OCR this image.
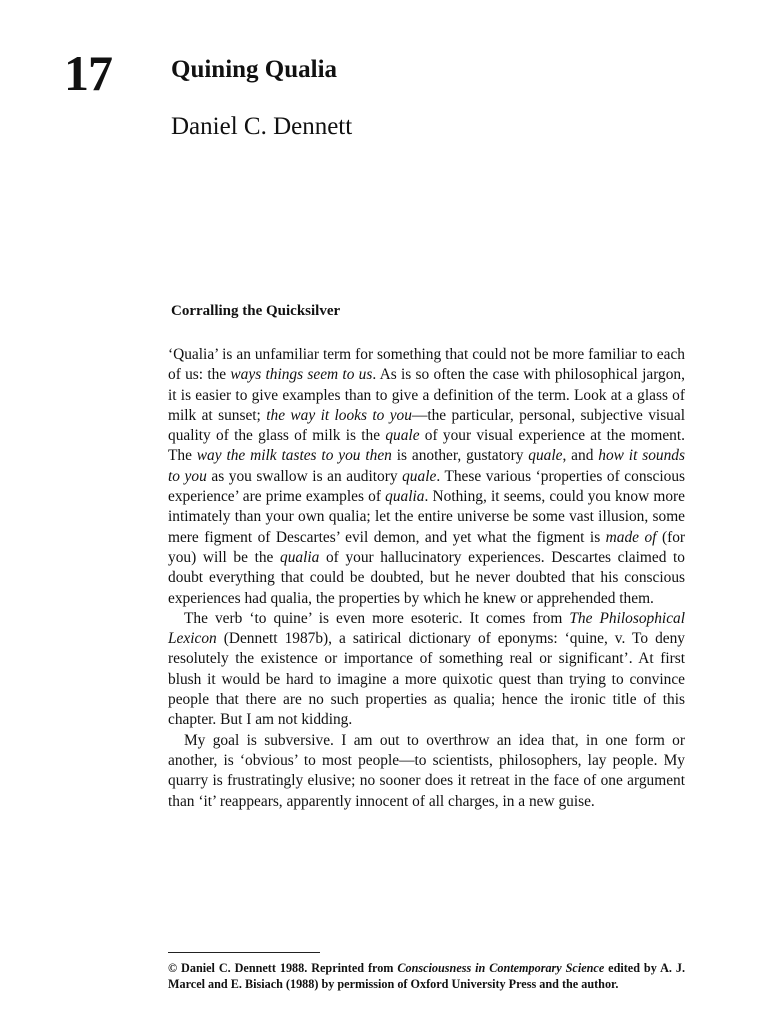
17 Quining Qualia
Daniel C. Dennett
Corralling the Quicksilver

‘Qualia’ is an unfamiliar term for something that could not be more familiar to each of us: the ways things seem to us. As is so often the case with philosophical jargon, it is easier to give examples than to give a definition of the term. Look at a glass of milk at sunset; the way it looks to you—the particular, personal, subjective visual quality of the glass of milk is the quale of your visual experience at the moment. The way the milk tastes to you then is another, gustatory quale, and how it sounds to you as you swallow is an auditory quale. These various ‘properties of conscious experience’ are prime examples of qualia. Nothing, it seems, could you know more intimately than your own qualia; let the entire universe be some vast illusion, some mere figment of Descartes’ evil demon, and yet what the figment is made of (for you) will be the qualia of your hallucinatory experiences. Descartes claimed to doubt everything that could be doubted, but he never doubted that his conscious experiences had qualia, the properties by which he knew or apprehended them.

The verb ‘to quine’ is even more esoteric. It comes from The Philosophical Lexicon (Dennett 1987b), a satirical dictionary of eponyms: ‘quine, v. To deny resolutely the existence or importance of something real or significant’. At first blush it would be hard to imagine a more quixotic quest than trying to convince people that there are no such properties as qualia; hence the ironic title of this chapter. But I am not kidding.

My goal is subversive. I am out to overthrow an idea that, in one form or another, is ‘obvious’ to most people—to scientists, philosophers, lay people. My quarry is frustratingly elusive; no sooner does it retreat in the face of one argument than ‘it’ reappears, apparently innocent of all charges, in a new guise.

© Daniel C. Dennett 1988. Reprinted from Consciousness in Contemporary Science edited by A. J. Marcel and E. Bisiach (1988) by permission of Oxford University Press and the author.
